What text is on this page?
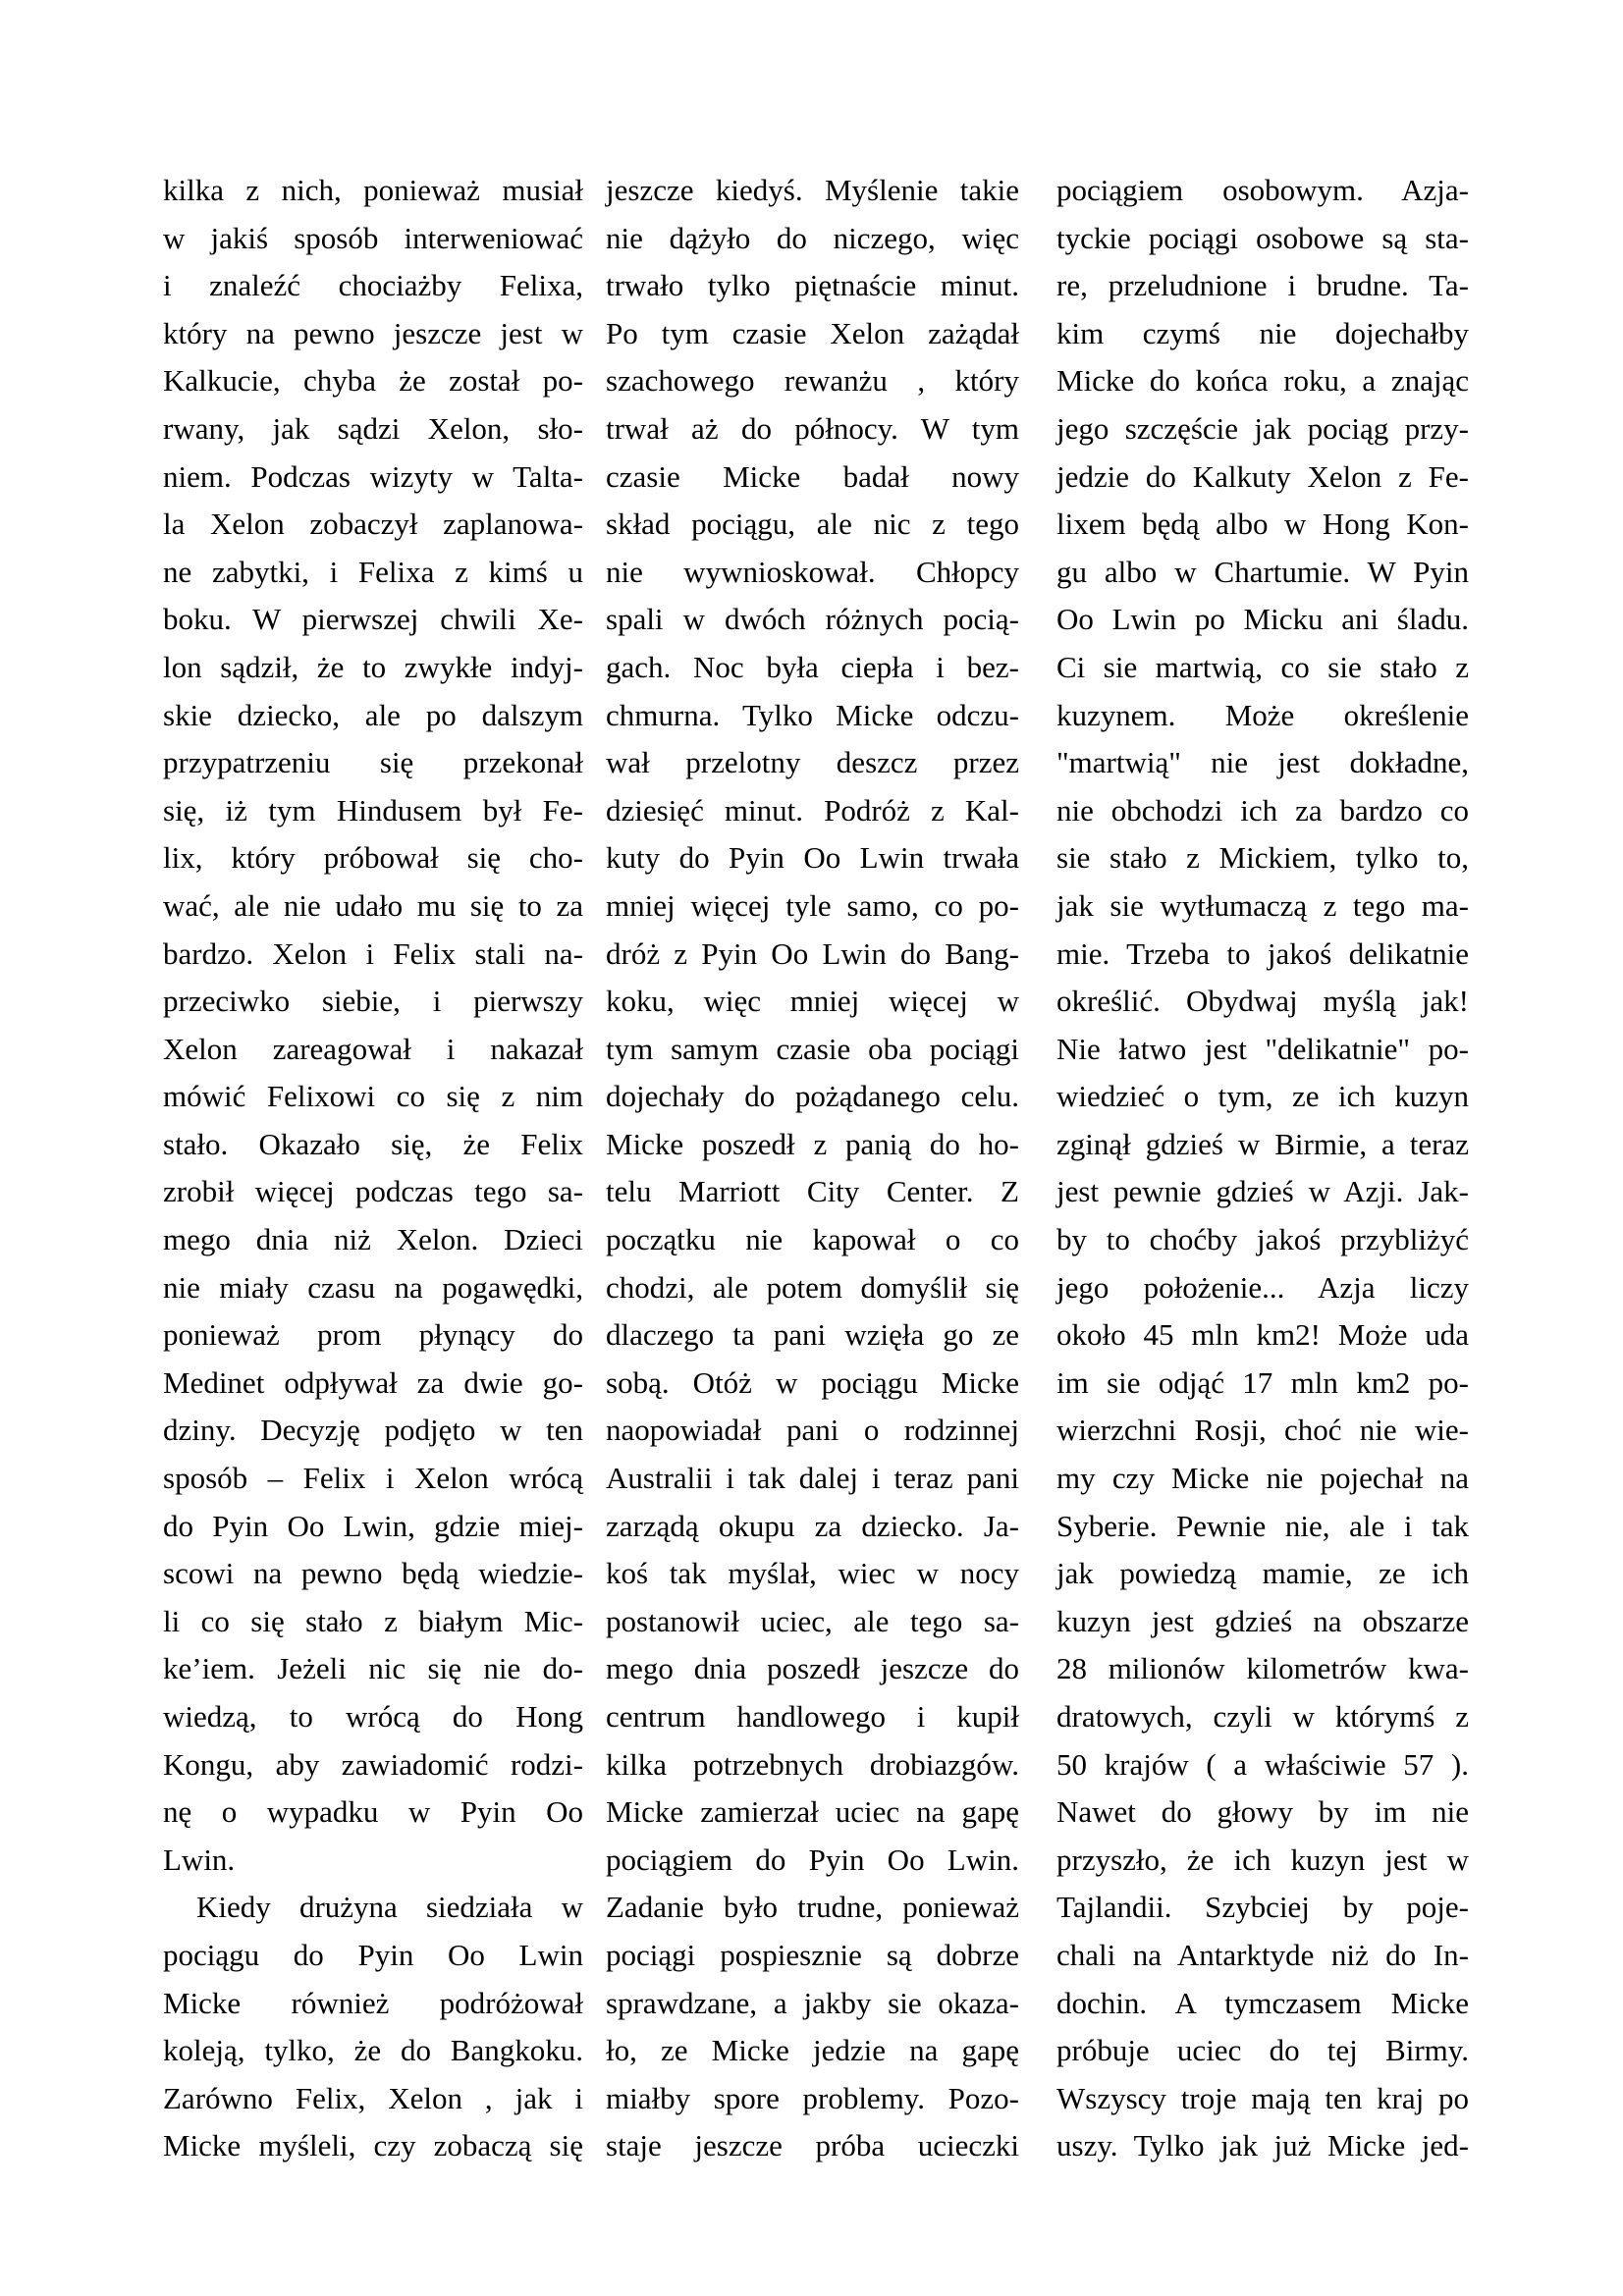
kilka z nich, ponieważ musiał
w jakiś sposób interweniować
i znaleźć chociażby Felixa,
który na pewno jeszcze jest w
Kalkucie, chyba że został po-
rwany, jak sądzi Xelon, sło-
niem. Podczas wizyty w Talta-
la Xelon zobaczył zaplanowa-
ne zabytki, i Felixa z kimś u
boku. W pierwszej chwili Xe-
lon sądził, że to zwykłe indyj-
skie dziecko, ale po dalszym
przypatrzeniu się przekonał
się, iż tym Hindusem był Fe-
lix, który próbował się cho-
wać, ale nie udało mu się to za
bardzo. Xelon i Felix stali na-
przeciwko siebie, i pierwszy
Xelon zareagował i nakazał
mówić Felixowi co się z nim
stało. Okazało się, że Felix
zrobił więcej podczas tego sa-
mego dnia niż Xelon. Dzieci
nie miały czasu na pogawędki,
ponieważ prom płynący do
Medinet odpływał za dwie go-
dziny. Decyzję podjęto w ten
sposób – Felix i Xelon wrócą
do Pyin Oo Lwin, gdzie miej-
scowi na pewno będą wiedzie-
li co się stało z białym Mic-
ke’iem. Jeżeli nic się nie do-
wiedzą, to wrócą do Hong
Kongu, aby zawiadomić rodzi-
nę o wypadku w Pyin Oo
Lwin.
Kiedy drużyna siedziała w
pociągu do Pyin Oo Lwin
Micke również podróżował
koleją, tylko, że do Bangkoku.
Zarówno Felix, Xelon , jak i
Micke myśleli, czy zobaczą się
jeszcze kiedyś. Myślenie takie
nie dążyło do niczego, więc
trwało tylko piętnaście minut.
Po tym czasie Xelon zażądał
szachowego rewanżu , który
trwał aż do północy. W tym
czasie Micke badał nowy
skład pociągu, ale nic z tego
nie wywnioskował. Chłopcy
spali w dwóch różnych pocią-
gach. Noc była ciepła i bez-
chmurna. Tylko Micke odczu-
wał przelotny deszcz przez
dziesięć minut. Podróż z Kal-
kuty do Pyin Oo Lwin trwała
mniej więcej tyle samo, co po-
dróż z Pyin Oo Lwin do Bang-
koku, więc mniej więcej w
tym samym czasie oba pociągi
dojechały do pożądanego celu.
Micke poszedł z panią do ho-
telu Marriott City Center. Z
początku nie kapował o co
chodzi, ale potem domyślił się
dlaczego ta pani wzięła go ze
sobą. Otóż w pociągu Micke
naopowiadał pani o rodzinnej
Australii i tak dalej i teraz pani
zarządą okupu za dziecko. Ja-
koś tak myślał, wiec w nocy
postanowił uciec, ale tego sa-
mego dnia poszedł jeszcze do
centrum handlowego i kupił
kilka potrzebnych drobiazgów.
Micke zamierzał uciec na gapę
pociągiem do Pyin Oo Lwin.
Zadanie było trudne, ponieważ
pociągi pospiesznie są dobrze
sprawdzane, a jakby sie okaza-
ło, ze Micke jedzie na gapę
miałby spore problemy. Pozo-
staje jeszcze próba ucieczki
pociągiem osobowym. Azja-
tyckie pociągi osobowe są sta-
re, przeludnione i brudne. Ta-
kim czymś nie dojechałby
Micke do końca roku, a znając
jego szczęście jak pociąg przy-
jedzie do Kalkuty Xelon z Fe-
lixem będą albo w Hong Kon-
gu albo w Chartumie. W Pyin
Oo Lwin po Micku ani śladu.
Ci sie martwią, co sie stało z
kuzynem. Może określenie
"martwią" nie jest dokładne,
nie obchodzi ich za bardzo co
sie stało z Mickiem, tylko to,
jak sie wytłumaczą z tego ma-
mie. Trzeba to jakoś delikatnie
określić. Obydwaj myślą jak!
Nie łatwo jest "delikatnie" po-
wiedzieć o tym, ze ich kuzyn
zginął gdzieś w Birmie, a teraz
jest pewnie gdzieś w Azji. Jak-
by to choćby jakoś przybliżyć
jego położenie... Azja liczy
około 45 mln km2! Może uda
im sie odjąć 17 mln km2 po-
wierzchni Rosji, choć nie wie-
my czy Micke nie pojechał na
Syberie. Pewnie nie, ale i tak
jak powiedzą mamie, ze ich
kuzyn jest gdzieś na obszarze
28 milionów kilometrów kwa-
dratowych, czyli w którymś z
50 krajów ( a właściwie 57 ).
Nawet do głowy by im nie
przyszło, że ich kuzyn jest w
Tajlandii. Szybciej by poje-
chali na Antarktyde niż do In-
dochin. A tymczasem Micke
próbuje uciec do tej Birmy.
Wszyscy troje mają ten kraj po
uszy. Tylko jak już Micke jed-
